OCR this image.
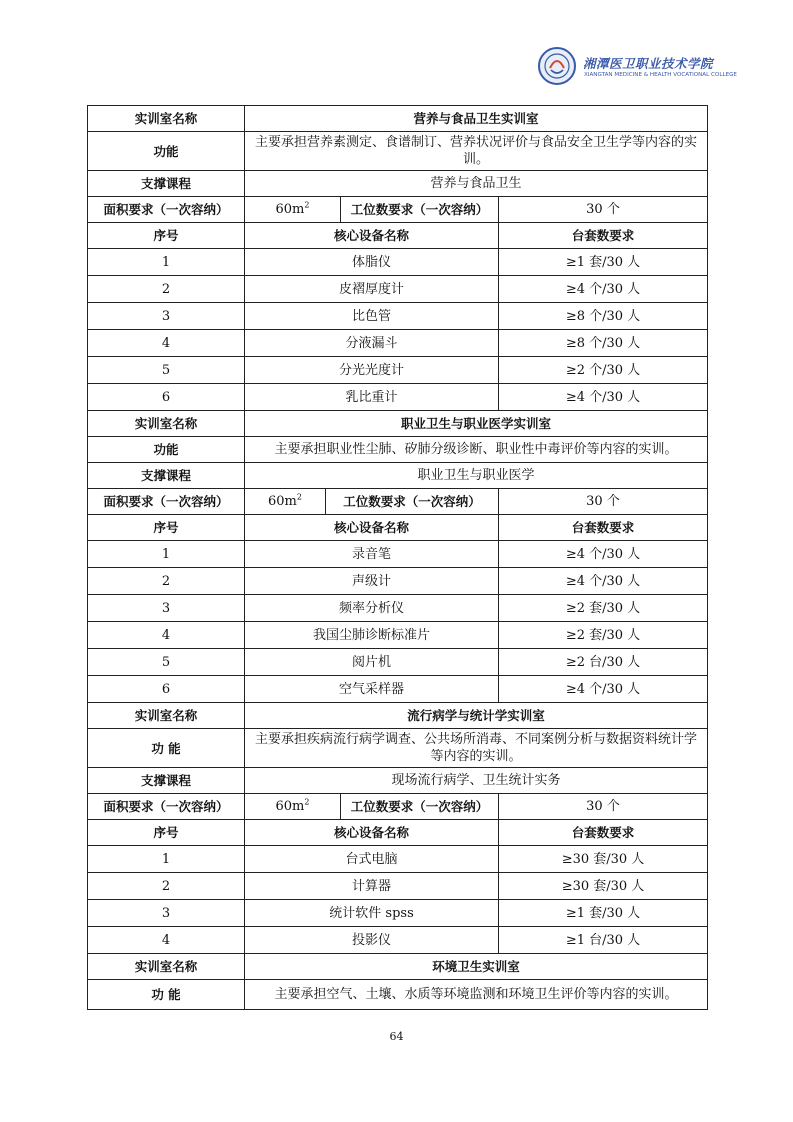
湘潭医卫职业技术学院
XIANGTAN MEDICINE & HEALTH VOCATIONAL COLLEGE
实训室名称	营养与食品卫生实训室		
功能	主要承担营养素测定、食谱制订、营养状况评价与食品安全卫生学等内容的实训。		
支撑课程	营养与食品卫生		
面积要求（一次容纳）	$60m^2$	工位数要求（一次容纳）	30 个
序号	核心设备名称		台套数要求
1	体脂仪		≥1 套/30 人
2	皮褶厚度计		≥4 个/30 人
3	比色管		≥8 个/30 人
4	分液漏斗		≥8 个/30 人
5	分光光度计		≥2 个/30 人
6	乳比重计		≥4 个/30 人
实训室名称	职业卫生与职业医学实训室		
功能	主要承担职业性尘肺、矽肺分级诊断、职业性中毒评价等内容的实训。		
支撑课程	职业卫生与职业医学		
面积要求（一次容纳）	$60m^2$	工位数要求（一次容纳）	30 个
序号	核心设备名称		台套数要求
1	录音笔		≥4 个/30 人
2	声级计		≥4 个/30 人
3	频率分析仪		≥2 套/30 人
4	我国尘肺诊断标准片		≥2 套/30 人
5	阅片机		≥2 台/30 人
6	空气采样器		≥4 个/30 人
实训室名称	流行病学与统计学实训室		
功 能	主要承担疾病流行病学调查、公共场所消毒、不同案例分析与数据资料统计学等内容的实训。		
支撑课程	现场流行病学、卫生统计实务		
面积要求（一次容纳）	$60m^2$	工位数要求（一次容纳）	30 个
序号	核心设备名称		台套数要求
1	台式电脑		≥30 套/30 人
2	计算器		≥30 套/30 人
3	统计软件 spss		≥1 套/30 人
4	投影仪		≥1 台/30 人
实训室名称	环境卫生实训室
功 能	主要承担空气、土壤、水质等环境监测和环境卫生评价等内容的实训。
64
